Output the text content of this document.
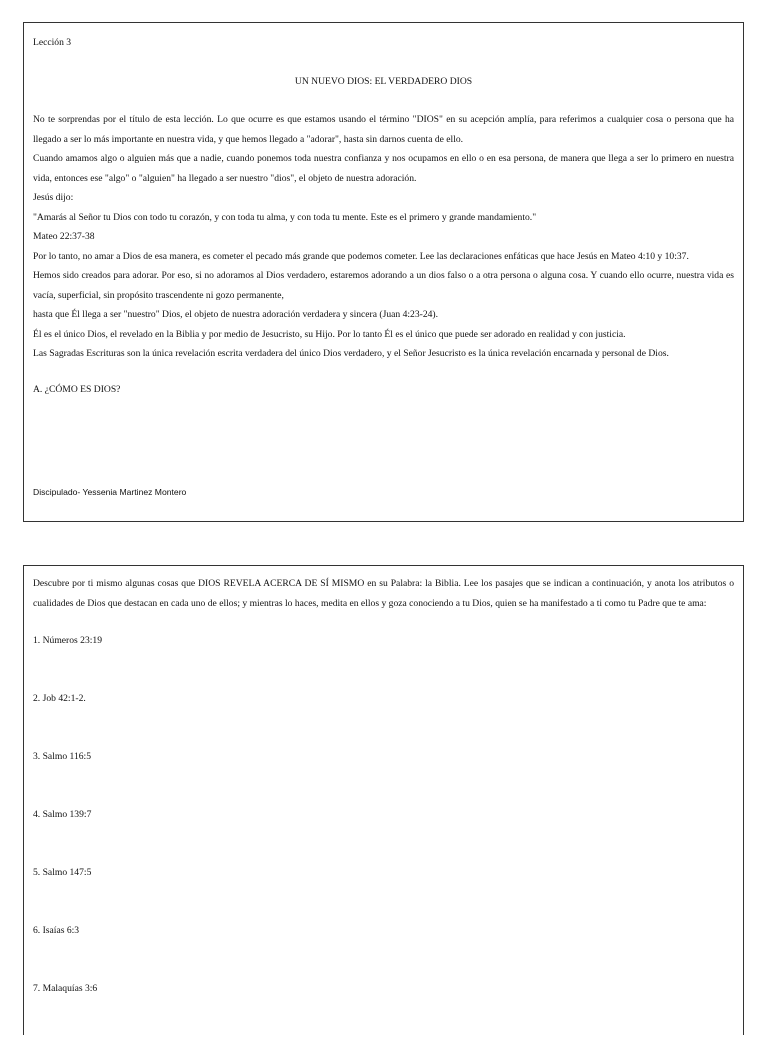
Lección 3

UN NUEVO DIOS: EL VERDADERO DIOS

No te sorprendas por el título de esta lección. Lo que ocurre es que estamos usando el término "DIOS" en su acepción amplía, para referimos a cualquier cosa o persona que ha llegado a ser lo más importante en nuestra vida, y que hemos llegado a "adorar", hasta sin darnos cuenta de ello.

Cuando amamos algo o alguien más que a nadie, cuando ponemos toda nuestra confianza y nos ocupamos en ello o en esa persona, de manera que llega a ser lo primero en nuestra vida, entonces ese "algo" o "alguien" ha llegado a ser nuestro "dios", el objeto de nuestra adoración.

Jesús dijo:

"Amarás al Señor tu Dios con todo tu corazón, y con toda tu alma, y con toda tu mente. Este es el primero y grande mandamiento."

Mateo 22:37-38

Por lo tanto, no amar a Dios de esa manera, es cometer el pecado más grande que podemos cometer. Lee las declaraciones enfáticas que hace Jesús en Mateo 4:10 y 10:37.

Hemos sido creados para adorar. Por eso, si no adoramos al Dios verdadero, estaremos adorando a un dios falso o a otra persona o alguna cosa. Y cuando ello ocurre, nuestra vida es vacía, superficial, sin propósito trascendente ni gozo permanente,

hasta que Él llega a ser "nuestro" Dios, el objeto de nuestra adoración verdadera y sincera (Juan 4:23-24).

Él es el único Dios, el revelado en la Biblia y por medio de Jesucristo, su Hijo. Por lo tanto Él es el único que puede ser adorado en realidad y con justicia.

Las Sagradas Escrituras son la única revelación escrita verdadera del único Dios verdadero, y el Señor Jesucristo es la única revelación encarnada y personal de Dios.

A. ¿CÓMO ES DIOS?

Discipulado- Yessenia Martinez Montero

Descubre por ti mismo algunas cosas que DIOS REVELA ACERCA DE SÍ MISMO en su Palabra: la Biblia. Lee los pasajes que se indican a continuación, y anota los atributos o cualidades de Dios que destacan en cada uno de ellos; y mientras lo haces, medita en ellos y goza conociendo a tu Dios, quien se ha manifestado a ti como tu Padre que te ama:

1. Números 23:19
2. Job 42:1-2.
3. Salmo 116:5
4. Salmo 139:7
5. Salmo 147:5
6. Isaías 6:3
7. Malaquías 3:6
